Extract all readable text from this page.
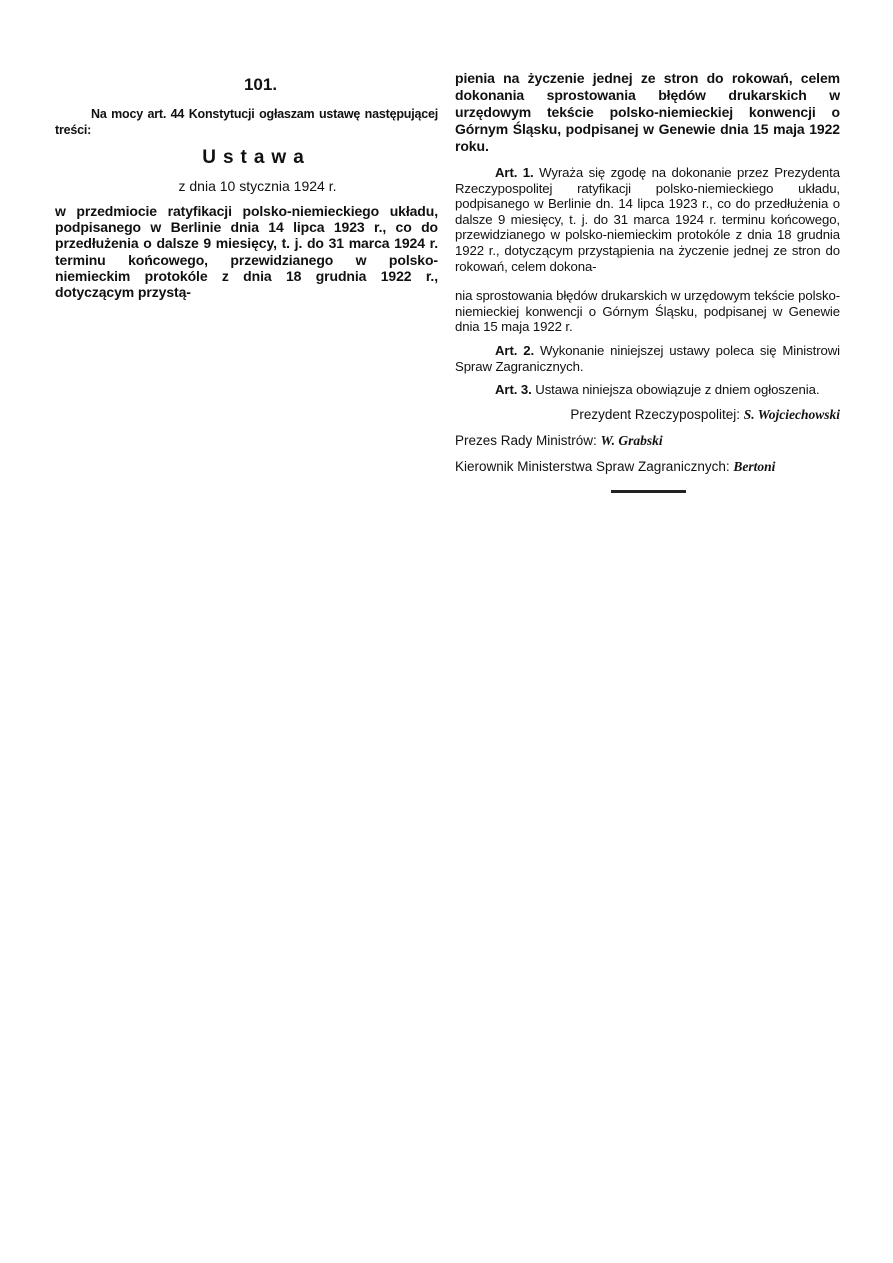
101.

Na mocy art. 44 Konstytucji ogłaszam ustawę następującej treści:

Ustawa

z dnia 10 stycznia 1924 r.

w przedmiocie ratyfikacji polsko-niemieckiego układu, podpisanego w Berlinie dnia 14 lipca 1923 r., co do przedłużenia o dalsze 9 miesięcy, t. j. do 31 marca 1924 r. terminu końcowego, przewidzianego w polsko-niemieckim protokóle z dnia 18 grudnia 1922 r., dotyczącym przystą-

pienia na życzenie jednej ze stron do rokowań, celem dokonania sprostowania błędów drukarskich w urzędowym tekście polsko-niemieckiej konwencji o Górnym Śląsku, podpisanej w Genewie dnia 15 maja 1922 roku.

Art. 1. Wyraża się zgodę na dokonanie przez Prezydenta Rzeczypospolitej ratyfikacji polsko-niemieckiego układu, podpisanego w Berlinie dn. 14 lipca 1923 r., co do przedłużenia o dalsze 9 miesięcy, t. j. do 31 marca 1924 r. terminu końcowego, przewidzianego w polsko-niemieckim protokóle z dnia 18 grudnia 1922 r., dotyczącym przystąpienia na życzenie jednej ze stron do rokowań, celem dokona-

nia sprostowania błędów drukarskich w urzędowym tekście polsko-niemieckiej konwencji o Górnym Śląsku, podpisanej w Genewie dnia 15 maja 1922 r.

Art. 2. Wykonanie niniejszej ustawy poleca się Ministrowi Spraw Zagranicznych.

Art. 3. Ustawa niniejsza obowiązuje z dniem ogłoszenia.

Prezydent Rzeczypospolitej: S. Wojciechowski

Prezes Rady Ministrów: W. Grabski

Kierownik Ministerstwa Spraw Zagranicznych: Bertoni
